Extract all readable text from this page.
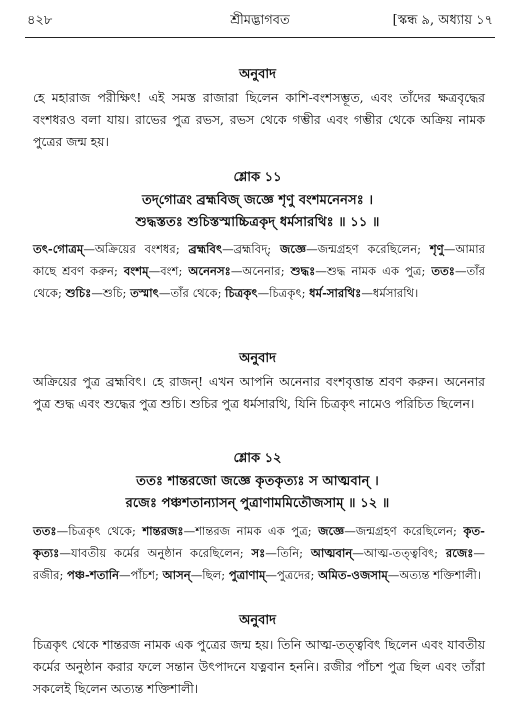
৪২৮	শ্রীমদ্ভাগবত	[স্কন্ধ ৯, অধ্যায় ১৭
অনুবাদ
হে মহারাজ পরীক্ষিৎ! এই সমস্ত রাজারা ছিলেন কাশি-বংশসম্ভূত, এবং তাঁদের ক্ষত্রবৃদ্ধের বংশধরও বলা যায়। রাভের পুত্র রভস, রভস থেকে গম্ভীর এবং গম্ভীর থেকে অক্রিয় নামক পুত্রের জন্ম হয়।
শ্লোক ১১
তদ্‌গোত্রং ব্রহ্মবিজ্ জজ্ঞে শৃণু বংশমনেনসঃ ।
শুদ্ধস্ততঃ শুচিস্তস্মাচ্চিত্রকৃদ্ ধর্মসারথিঃ ॥ ১১ ॥
তৎ-গোত্রম্—অক্রিয়ের বংশধর; ব্রহ্মবিৎ—ব্রহ্মবিদ্; জজ্ঞে—জন্মগ্রহণ করেছিলেন; শৃণু—আমার কাছে শ্রবণ করুন; বংশম্—বংশ; অনেনসঃ—অনেনার; শুদ্ধঃ—শুদ্ধ নামক এক পুত্র; ততঃ—তাঁর থেকে; শুচিঃ—শুচি; তস্মাৎ—তাঁর থেকে; চিত্রকৃৎ—চিত্রকৃৎ; ধর্ম-সারথিঃ—ধর্মসারথি।
অনুবাদ
অক্রিয়ের পুত্র ব্রহ্মবিৎ। হে রাজন্! এখন আপনি অনেনার বংশবৃত্তান্ত শ্রবণ করুন। অনেনার পুত্র শুদ্ধ এবং শুদ্ধের পুত্র শুচি। শুচির পুত্র ধর্মসারথি, যিনি চিত্রকৃৎ নামেও পরিচিত ছিলেন।
শ্লোক ১২
ততঃ শান্তরজো জজ্ঞে কৃতকৃত্যঃ স আত্মবান্ ।
রজেঃ পঞ্চশতান্যাসন্ পুত্রাণামমিতৌজসাম্ ॥ ১২ ॥
ততঃ—চিত্রকৃৎ থেকে; শান্তরজঃ—শান্তরজ নামক এক পুত্র; জজ্ঞে—জন্মগ্রহণ করেছিলেন; কৃত-কৃত্যঃ—যাবতীয় কর্মের অনুষ্ঠান করেছিলেন; সঃ—তিনি; আত্মবান্—আত্ম-তত্ত্ববিৎ; রজেঃ—রজীর; পঞ্চ-শতানি—পাঁচশ; আসন্—ছিল; পুত্রাণাম্—পুত্রদের; অমিত-ওজসাম্—অত্যন্ত শক্তিশালী।
অনুবাদ
চিত্রকৃৎ থেকে শান্তরজ নামক এক পুত্রের জন্ম হয়। তিনি আত্ম-তত্ত্ববিৎ ছিলেন এবং যাবতীয় কর্মের অনুষ্ঠান করার ফলে সন্তান উৎপাদনে যত্নবান হননি। রজীর পাঁচশ পুত্র ছিল এবং তাঁরা সকলেই ছিলেন অত্যন্ত শক্তিশালী।
